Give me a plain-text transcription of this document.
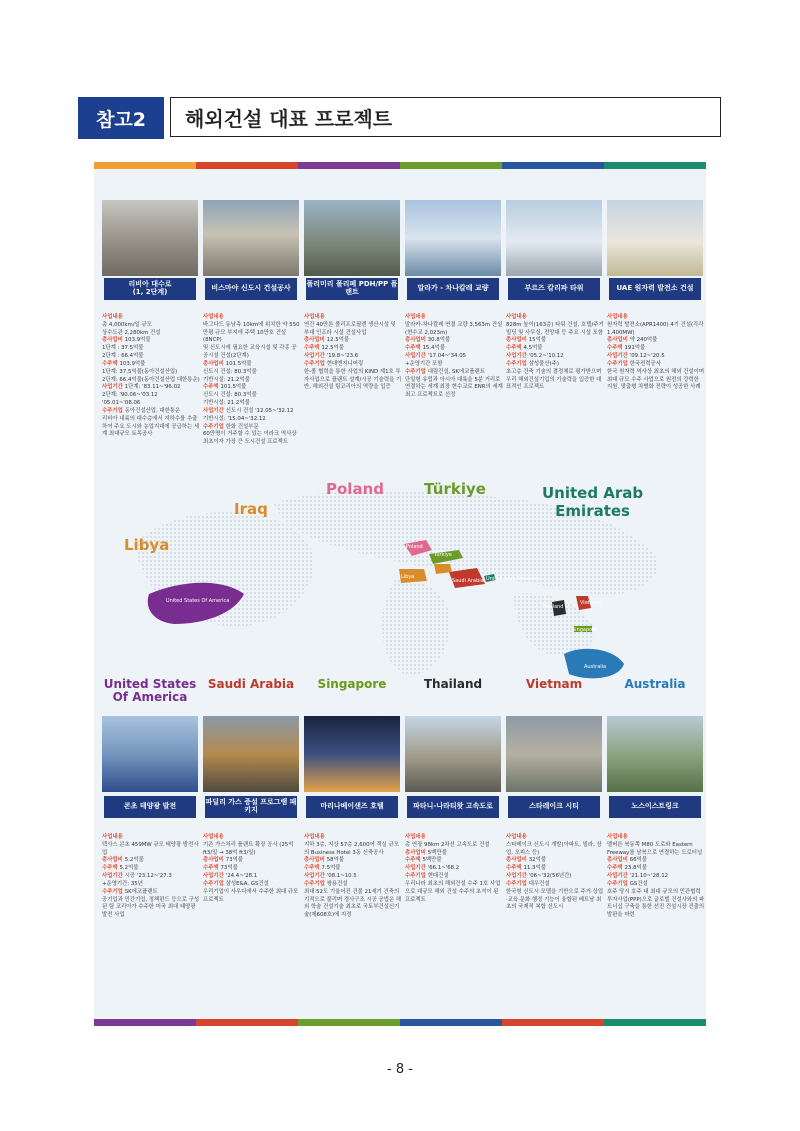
참고2	해외건설 대표 프로젝트
리비아 대수로
(1, 2단계)
사업내용
총 4,000km/일 규모
상수도관 2,280km 건설
총사업비 103.9억불
1단계 : 37.5억불
2단계 : 66.4억불
수주액 103.9억불
1단계: 37.5억불(동아건설산업)
2단계: 66.4억불(동아건설산업 대한통운)
사업기간 1단계: '83.11~'96.02
2단계: '90.06~'03.12
'05.01~'08.06
수주기업 동아건설산업, 대한통운
리비아 내륙의 대수층에서 지하수를 추출하여 주요 도시와 농업지대에 공급하는 세계 최대규모 토목공사
비스마야 신도시 건설공사
사업내용
바그다드 동남측 10km에 위치한 약 550만평 규모 부지에 주택 10만호 건설(8NCP)
및 신도시에 필요한 교육시설 및 각종 공공시설 건설(2단계)
총사업비 101.5억불
신도시 건설: 80.3억불
기반시설: 21.2억불
수주액 101.5억불
신도시 건설: 80.3억불
기반시설: 21.2억불
사업기간 신도시 건설 '12.05~'32.12
기반시설: '15.04~'32.12
수주기업 한화 건설부문
60만명이 거주할 수 있는 이라크 역사상 최초이자 가장 큰 도시건설 프로젝트
폴리미리 폴리페 PDH/PP 플랜트
사업내용
연간 40만톤 폴리프로필렌 생산시설 및 부대 인프라 시설 건설사업
총사업비 12.5억불
수주액 12.5억불
사업기간 '19.8~'23.6
수주기업 현대엔지니어링
한-폴 협력을 통한 사업의 KIND 제1호 투자사업으로 플랜트 설계/시공 기술력을 기반, 해외건설 팀코리아의 역량을 입증
말라가 - 차나칼레 교량
사업내용
말라카-차나칼레 연결 교량 3,563m 건설(현수교 2,023m)
총사업비 30.8억불
수주액 15.4억불
사업기간 '17.04~'34.05
+운영기간 포함
수주기업 대림건설, SK에코플랜트
단일형 유럽과 아시아 대륙을 5분 거리로 연결하는 세계 최장 현수교로 ENR의 세계 최고 프로젝트로 선정
부르즈 칼리파 타워
사업내용
828m 높이(163층) 타워 건설, 호텔/주거 빌딩 및 사무실, 전망대 등 주요 시설 포함
총사업비 15억불
수주액 4.5억불
사업기간 '05.2~'10.12
수주기업 삼성물산(주)
초고층 건축 기술의 결정체로 평가받으며 우리 해외건설기업의 기술력을 입증한 대표적인 프로젝트
UAE 원자력 발전소 건설
사업내용
원자력 발전소(APR1400) 4기 건설(각각 1,400MW)
총사업비 약 240억불
수주액 191억불
사업기간 '09.12~'20.5
수주기업 한국전력공사
한국 원자력 역사상 최초의 해외 건설이며 최대 규모 수주 사업으로 원전의 강력한 지원, 맞춤형 차별화 전략이 성공한 사례
Poland
Türkiye
Libya
Saudi Arabia United Arab Emirates
United States Of America
Thailand
Vietnam
Singapore
Australia
Libya
Iraq
Poland	Türkiye	United Arab
Emirates
United States
Of America
Saudi Arabia	Singapore	Thailand	Vietnam	Australia
콘초 태양광 발전
사업내용
텍사스 콘초 459MW 규모 태양광 발전사업
총사업비 5.2억불
수주액 5.2억불
사업기간 시공 '23.12~'27.3
+운영기간: 35년
수주기업 SK에코플랜트
공기업과 민간기업, 정책펀드 등으로 구성된 팀 코리아가 수주한 미국 최대 태양광 발전 사업
파딜리 가스 증설 프로그램 패키지
사업내용
기존 가스처리 플랜트 확장 공사 (25억 ft3/일 → 38억 ft3/일)
총사업비 73억불
수주액 73억불
사업기간 '24.4~'28.1
수주기업 삼성E&A, GS건설
우리기업이 사우디에서 수주한 최대 규모 프로젝트
마리나베이샌즈 호텔
사업내용
지하 3층, 지상 57층 2,600여 객실 규모의 Business Hotel 3동 신축공사
총사업비 58억불
수주액 7.5억불
사업기간 '08.1~10.5
수주기업 쌍용건설
최대 52도 기울어진 건물 21세기 건축의 기적으로 불리며 경사구조 시공 공법은 해외 학술 건설기술 최초로 국토부건설신기술(제608호)에 지정
파타니-나라티왓 고속도로
사업내용
총 연장 98km 2차선 고속도로 건설
총사업비 5백만불
수주액 5백만불
사업기간 '66.1~'68.2
수주기업 현대건설
우리나라 최초의 해외건설 수주 1호 사업으로 대규모 해외 건설 수주의 초석이 된 프로젝트
스타레이크 시티
사업내용
스타레이크 신도시 개발(아파트, 빌라, 상업, 오피스 등)
총사업비 32억불
수주액 11.3억불
사업기간 '06~'32(56년간)
수주기업 대우건설
한국형 신도시 모델을 기반으로 주거·상업·교육·문화·행정 기능이 융합된 베트남 최초의 국제적 복합 신도시
노스이스트링크
사업내용
멜버른 북동쪽 M80 도로와 Eastern Freeway를 남북으로 연결하는 도로터널
총사업비 66억불
수주액 23.8억불
사업기간 '21.10~'28.12
수주기업 GS건설
호주 당시 호주 내 최대 규모의 민관협력 투자사업(PPP)으로 글로벌 건설사와의 파트너십 구축을 통한 선진 건설시장 진출의 발판을 마련
- 8 -
